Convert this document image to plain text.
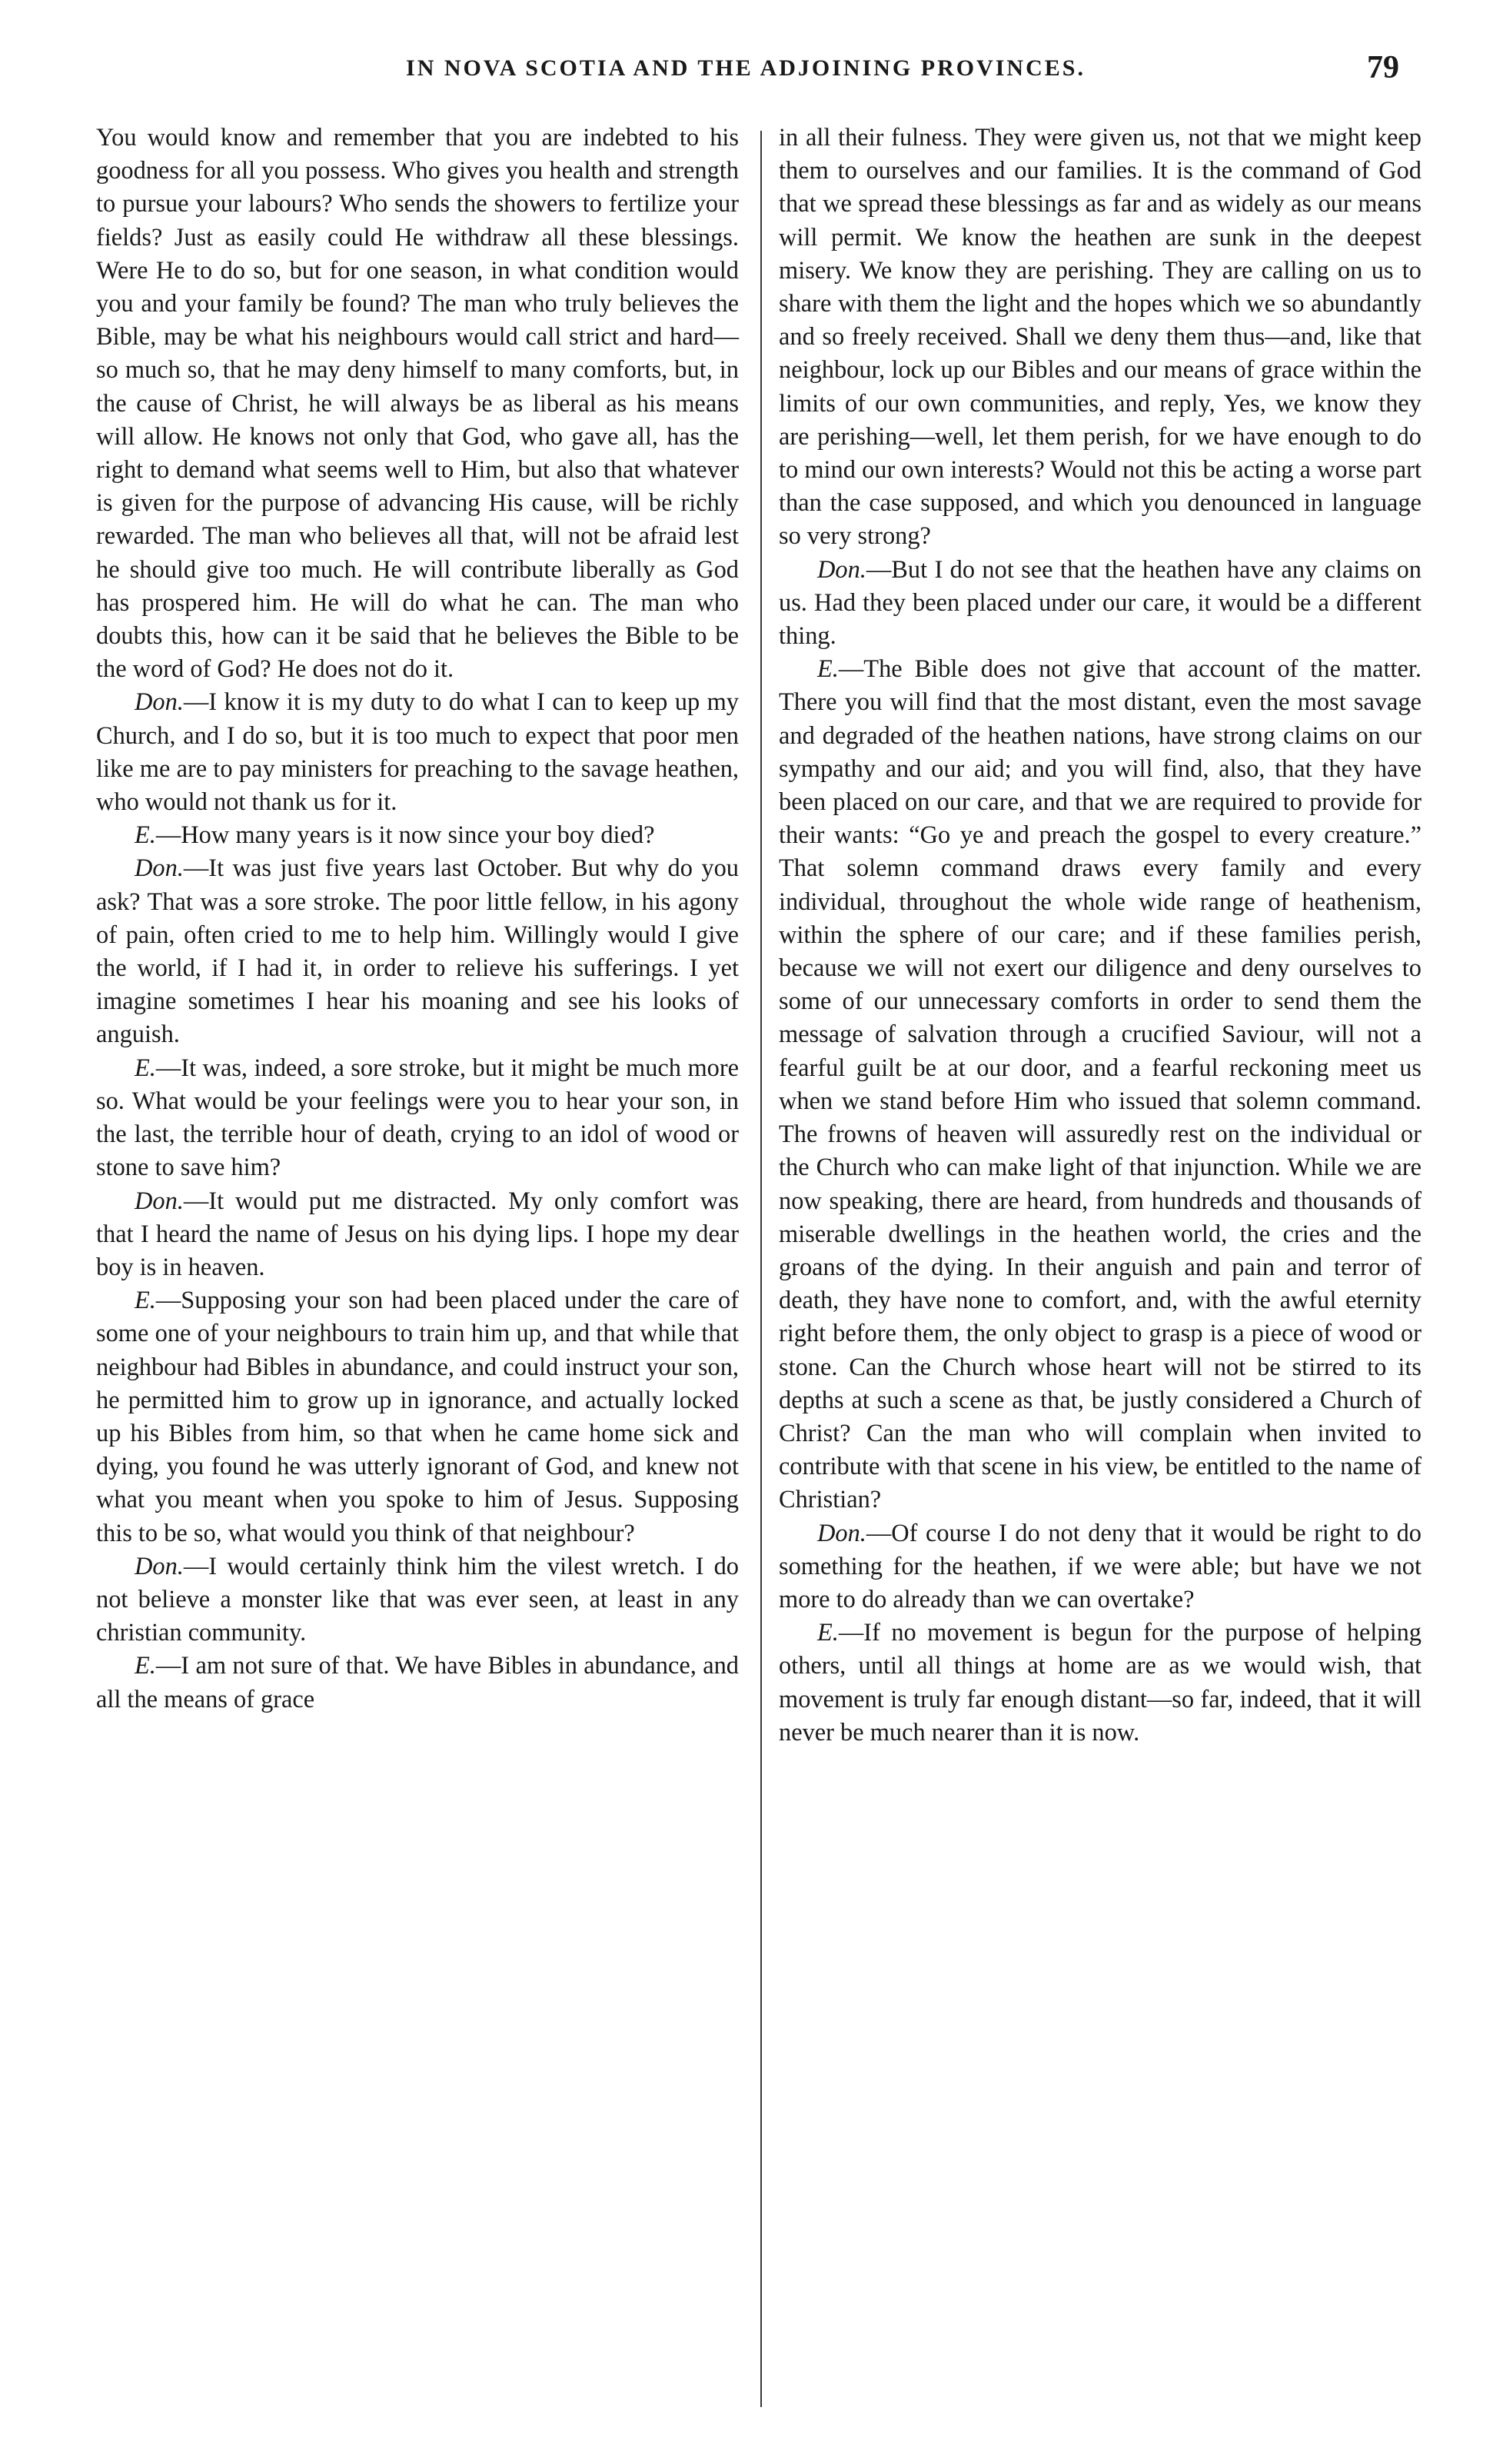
IN NOVA SCOTIA AND THE ADJOINING PROVINCES.	79

You would know and remember that you are indebted to his goodness for all you possess. Who gives you health and strength to pursue your labours? Who sends the showers to fertilize your fields? Just as easily could He withdraw all these blessings. Were He to do so, but for one season, in what condition would you and your family be found? The man who truly believes the Bible, may be what his neighbours would call strict and hard—so much so, that he may deny himself to many comforts, but, in the cause of Christ, he will always be as liberal as his means will allow. He knows not only that God, who gave all, has the right to demand what seems well to Him, but also that whatever is given for the purpose of advancing His cause, will be richly rewarded. The man who believes all that, will not be afraid lest he should give too much. He will contribute liberally as God has prospered him. He will do what he can. The man who doubts this, how can it be said that he believes the Bible to be the word of God? He does not do it.

Don.—I know it is my duty to do what I can to keep up my Church, and I do so, but it is too much to expect that poor men like me are to pay ministers for preaching to the savage heathen, who would not thank us for it.

E.—How many years is it now since your boy died?

Don.—It was just five years last October. But why do you ask? That was a sore stroke. The poor little fellow, in his agony of pain, often cried to me to help him. Willingly would I give the world, if I had it, in order to relieve his sufferings. I yet imagine sometimes I hear his moaning and see his looks of anguish.

E.—It was, indeed, a sore stroke, but it might be much more so. What would be your feelings were you to hear your son, in the last, the terrible hour of death, crying to an idol of wood or stone to save him?

Don.—It would put me distracted. My only comfort was that I heard the name of Jesus on his dying lips. I hope my dear boy is in heaven.

E.—Supposing your son had been placed under the care of some one of your neighbours to train him up, and that while that neighbour had Bibles in abundance, and could instruct your son, he permitted him to grow up in ignorance, and actually locked up his Bibles from him, so that when he came home sick and dying, you found he was utterly ignorant of God, and knew not what you meant when you spoke to him of Jesus. Supposing this to be so, what would you think of that neighbour?

Don.—I would certainly think him the vilest wretch. I do not believe a monster like that was ever seen, at least in any christian community.

E.—I am not sure of that. We have Bibles in abundance, and all the means of grace

in all their fulness. They were given us, not that we might keep them to ourselves and our families. It is the command of God that we spread these blessings as far and as widely as our means will permit. We know the heathen are sunk in the deepest misery. We know they are perishing. They are calling on us to share with them the light and the hopes which we so abundantly and so freely received. Shall we deny them thus—and, like that neighbour, lock up our Bibles and our means of grace within the limits of our own communities, and reply, Yes, we know they are perishing—well, let them perish, for we have enough to do to mind our own interests? Would not this be acting a worse part than the case supposed, and which you denounced in language so very strong?

Don.—But I do not see that the heathen have any claims on us. Had they been placed under our care, it would be a different thing.

E.—The Bible does not give that account of the matter. There you will find that the most distant, even the most savage and degraded of the heathen nations, have strong claims on our sympathy and our aid; and you will find, also, that they have been placed on our care, and that we are required to provide for their wants: “Go ye and preach the gospel to every creature.” That solemn command draws every family and every individual, throughout the whole wide range of heathenism, within the sphere of our care; and if these families perish, because we will not exert our diligence and deny ourselves to some of our unnecessary comforts in order to send them the message of salvation through a crucified Saviour, will not a fearful guilt be at our door, and a fearful reckoning meet us when we stand before Him who issued that solemn command. The frowns of heaven will assuredly rest on the individual or the Church who can make light of that injunction. While we are now speaking, there are heard, from hundreds and thousands of miserable dwellings in the heathen world, the cries and the groans of the dying. In their anguish and pain and terror of death, they have none to comfort, and, with the awful eternity right before them, the only object to grasp is a piece of wood or stone. Can the Church whose heart will not be stirred to its depths at such a scene as that, be justly considered a Church of Christ? Can the man who will complain when invited to contribute with that scene in his view, be entitled to the name of Christian?

Don.—Of course I do not deny that it would be right to do something for the heathen, if we were able; but have we not more to do already than we can overtake?

E.—If no movement is begun for the purpose of helping others, until all things at home are as we would wish, that movement is truly far enough distant—so far, indeed, that it will never be much nearer than it is now.
